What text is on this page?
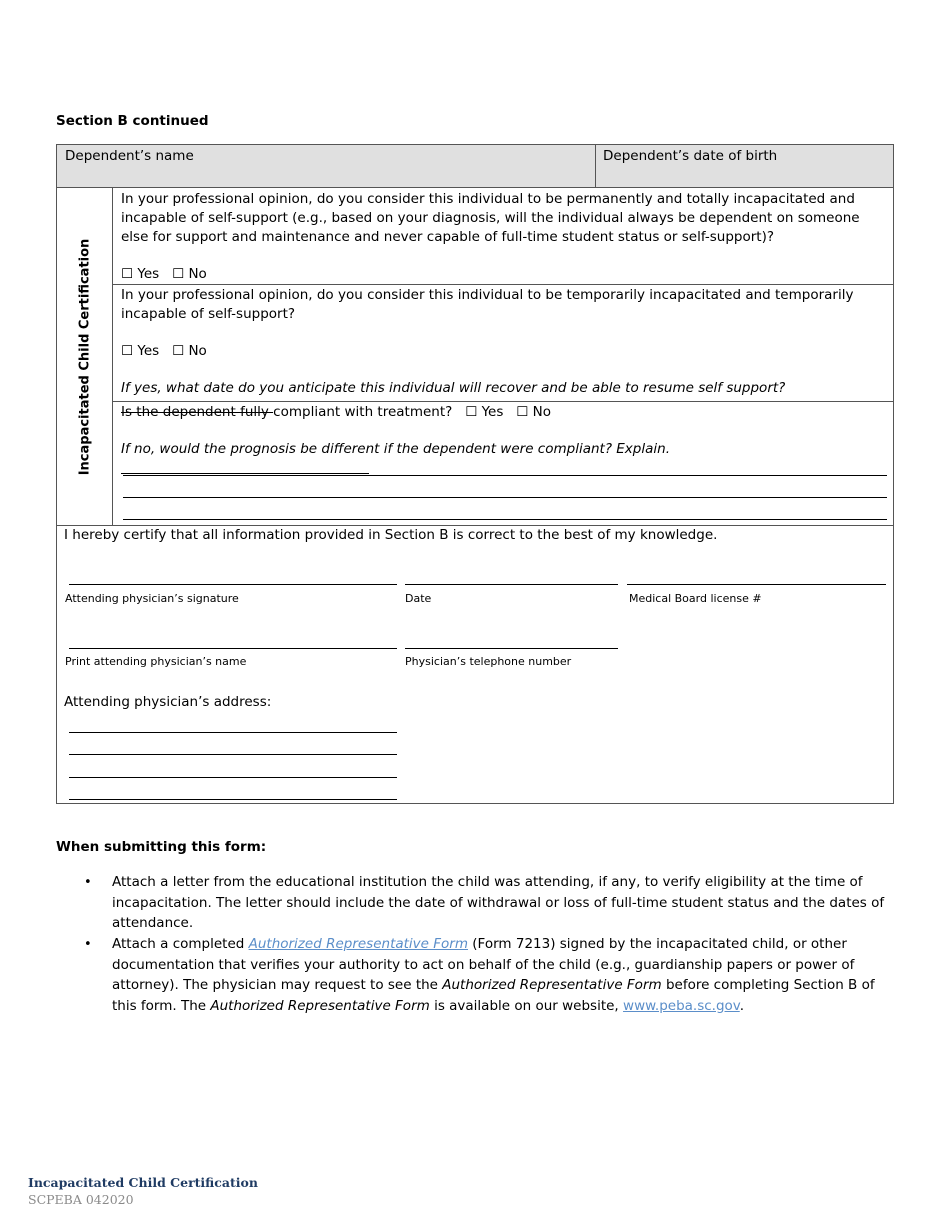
Section B continued
Dependent’s name	Dependent’s date of birth
Incapacitated Child Certification
In your professional opinion, do you consider this individual to be permanently and totally incapacitated and incapable of self-support (e.g., based on your diagnosis, will the individual always be dependent on someone else for support and maintenance and never capable of full-time student status or self-support)?
☐ Yes ☐ No
In your professional opinion, do you consider this individual to be temporarily incapacitated and temporarily incapable of self-support?
☐ Yes ☐ No
If yes, what date do you anticipate this individual will recover and be able to resume self support?
Is the dependent fully compliant with treatment? ☐ Yes ☐ No
If no, would the prognosis be different if the dependent were compliant? Explain.
I hereby certify that all information provided in Section B is correct to the best of my knowledge.
Attending physician’s signature	Date	Medical Board license #
Print attending physician’s name	Physician’s telephone number
Attending physician’s address:
When submitting this form:
• Attach a letter from the educational institution the child was attending, if any, to verify eligibility at the time of incapacitation. The letter should include the date of withdrawal or loss of full-time student status and the dates of attendance.
• Attach a completed Authorized Representative Form (Form 7213) signed by the incapacitated child, or other documentation that verifies your authority to act on behalf of the child (e.g., guardianship papers or power of attorney). The physician may request to see the Authorized Representative Form before completing Section B of this form. The Authorized Representative Form is available on our website, www.peba.sc.gov.
Incapacitated Child Certification
SCPEBA 042020
